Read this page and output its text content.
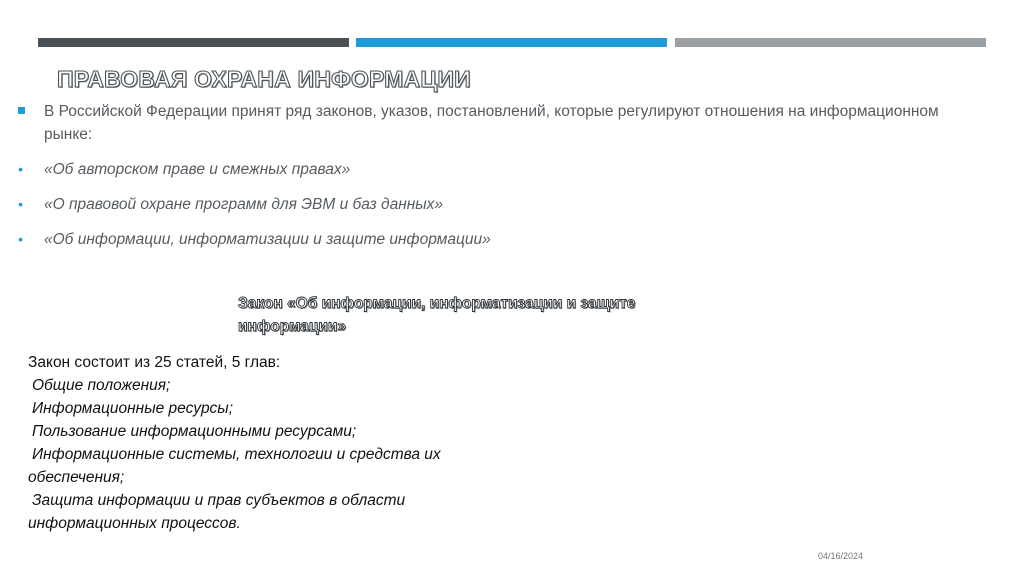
ПРАВОВАЯ ОХРАНА ИНФОРМАЦИИ
В Российской Федерации принят ряд законов, указов, постановлений, которые регулируют отношения на информационном рынке:
• «Об авторском праве и смежных правах»
• «О правовой охране программ для ЭВМ и баз данных»
• «Об информации, информатизации и защите информации»
Закон «Об информации, информатизации и защите
информации»
Закон состоит из 25 статей, 5 глав:
Общие положения;
Информационные ресурсы;
Пользование информационными ресурсами;
Информационные системы, технологии и средства их
обеспечения;
Защита информации и прав субъектов в области
информационных процессов.
04/16/2024
